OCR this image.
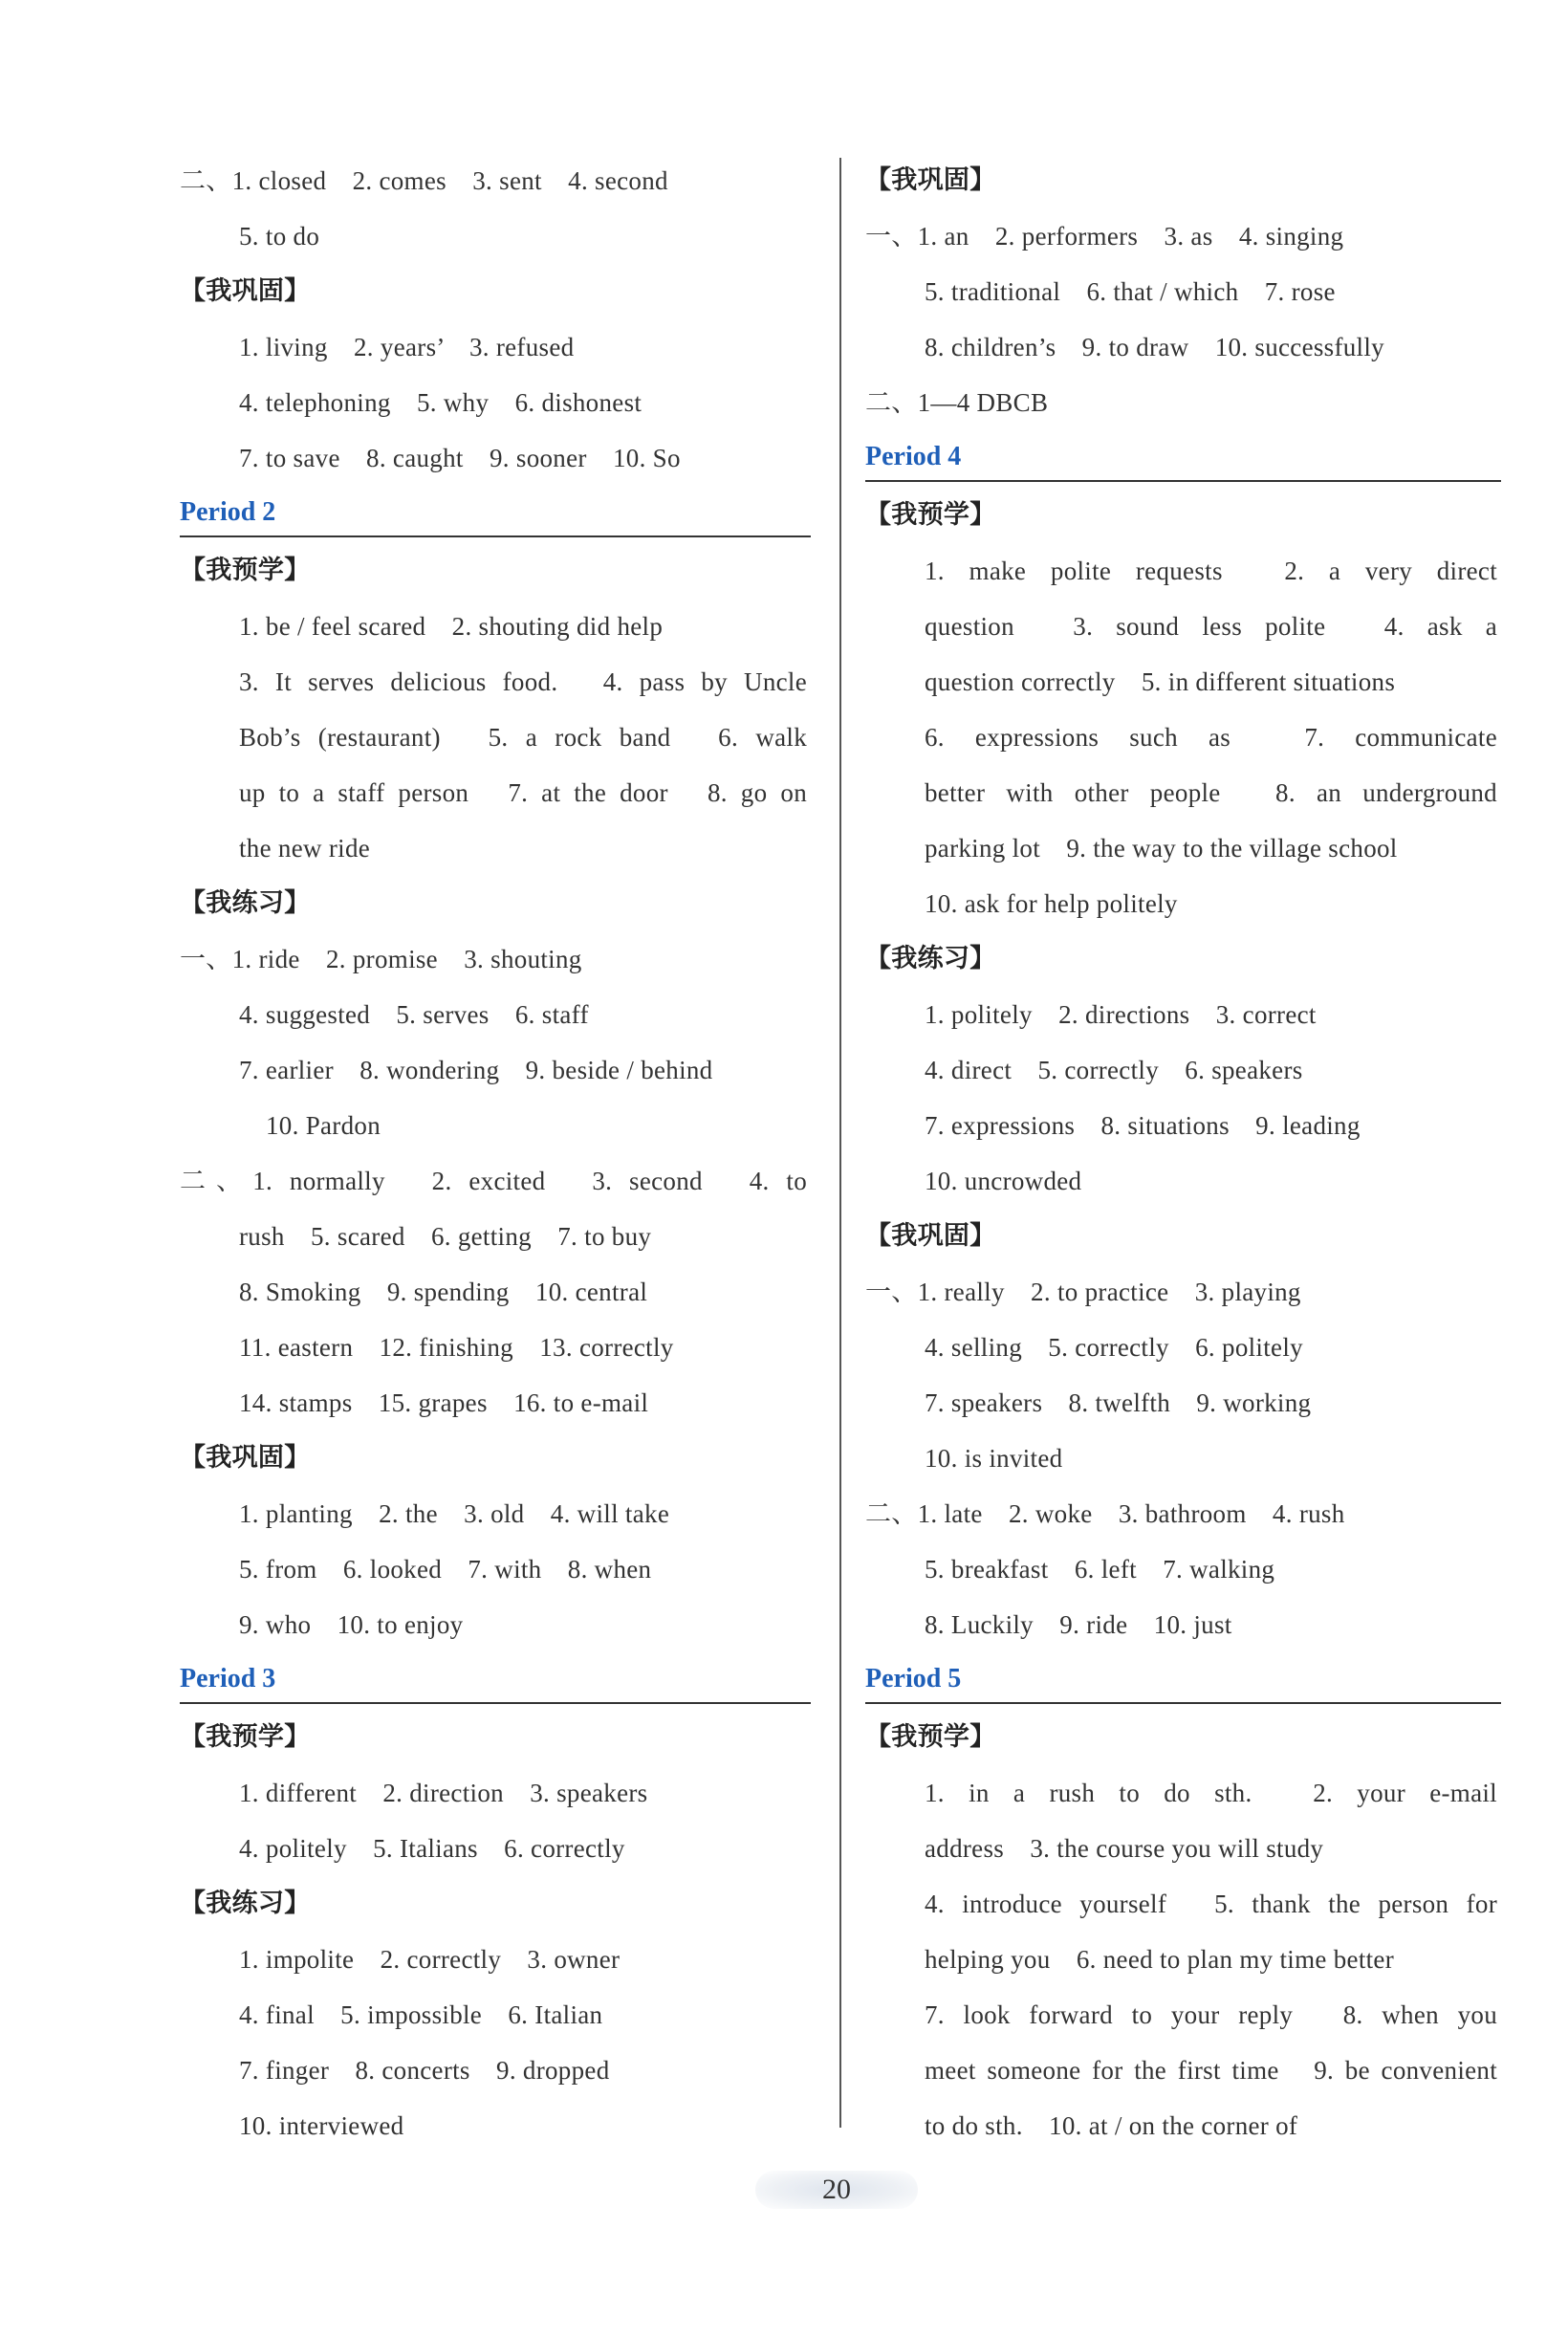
二、1. closed　2. comes　3. sent　4. second
5. to do
【我巩固】
1. living　2. years’　3. refused
4. telephoning　5. why　6. dishonest
7. to save　8. caught　9. sooner　10. So
Period 2
【我预学】
1. be / feel scared　2. shouting did help
3. It serves delicious food.　4. pass by Uncle
Bob’s (restaurant)　5. a rock band　6. walk
up to a staff person　7. at the door　8. go on
the new ride
【我练习】
一、1. ride　2. promise　3. shouting
4. suggested　5. serves　6. staff
7. earlier　8. wondering　9. beside / behind
10. Pardon
二、1. normally　2. excited　3. second　4. to
rush　5. scared　6. getting　7. to buy
8. Smoking　9. spending　10. central
11. eastern　12. finishing　13. correctly
14. stamps　15. grapes　16. to e-mail
【我巩固】
1. planting　2. the　3. old　4. will take
5. from　6. looked　7. with　8. when
9. who　10. to enjoy
Period 3
【我预学】
1. different　2. direction　3. speakers
4. politely　5. Italians　6. correctly
【我练习】
1. impolite　2. correctly　3. owner
4. final　5. impossible　6. Italian
7. finger　8. concerts　9. dropped
10. interviewed
【我巩固】
一、1. an　2. performers　3. as　4. singing
5. traditional　6. that / which　7. rose
8. children’s　9. to draw　10. successfully
二、1—4 DBCB
Period 4
【我预学】
1. make polite requests　2. a very direct
question　3. sound less polite　4. ask a
question correctly　5. in different situations
6. expressions such as　7. communicate
better with other people　8. an underground
parking lot　9. the way to the village school
10. ask for help politely
【我练习】
1. politely　2. directions　3. correct
4. direct　5. correctly　6. speakers
7. expressions　8. situations　9. leading
10. uncrowded
【我巩固】
一、1. really　2. to practice　3. playing
4. selling　5. correctly　6. politely
7. speakers　8. twelfth　9. working
10. is invited
二、1. late　2. woke　3. bathroom　4. rush
5. breakfast　6. left　7. walking
8. Luckily　9. ride　10. just
Period 5
【我预学】
1. in a rush to do sth.　2. your e-mail
address　3. the course you will study
4. introduce yourself　5. thank the person for
helping you　6. need to plan my time better
7. look forward to your reply　8. when you
meet someone for the first time　9. be convenient
to do sth.　10. at / on the corner of
20
